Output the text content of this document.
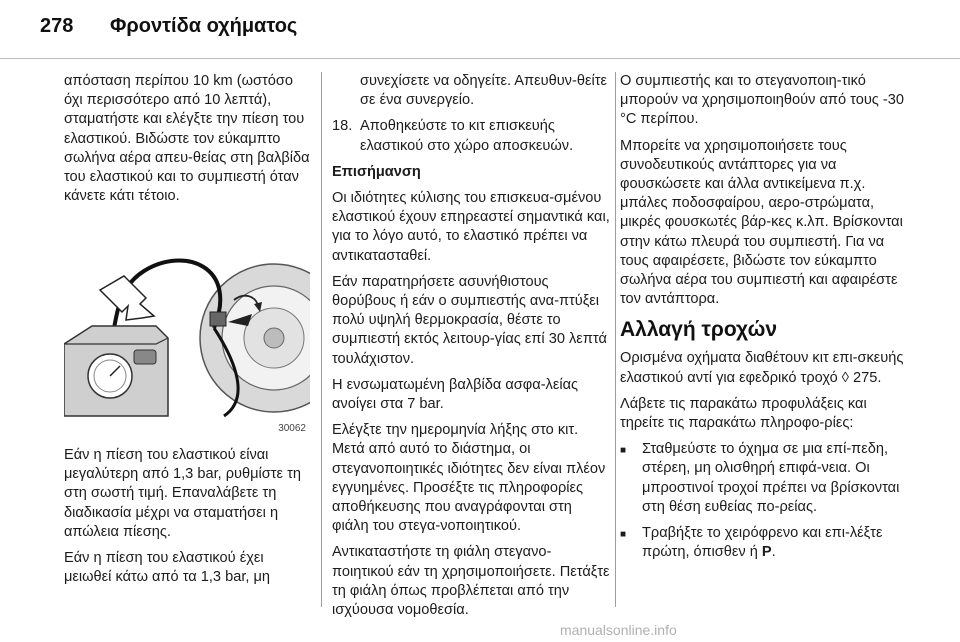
278 Φροντίδα οχήματος

απόσταση περίπου 10 km (ωστόσο όχι περισσότερο από 10 λεπτά), σταματήστε και ελέγξτε την πίεση του ελαστικού. Βιδώστε τον εύκαμπτο σωλήνα αέρα απευ-θείας στη βαλβίδα του ελαστικού και το συμπιεστή όταν κάνετε κάτι τέτοιο.

30062

Εάν η πίεση του ελαστικού είναι μεγαλύτερη από 1,3 bar, ρυθμίστε τη στη σωστή τιμή. Επαναλάβετε τη διαδικασία μέχρι να σταματήσει η απώλεια πίεσης.

Εάν η πίεση του ελαστικού έχει μειωθεί κάτω από τα 1,3 bar, μη

συνεχίσετε να οδηγείτε. Απευθυν-θείτε σε ένα συνεργείο.
18. Αποθηκεύστε το κιτ επισκευής ελαστικού στο χώρο αποσκευών.

Επισήμανση

Οι ιδιότητες κύλισης του επισκευα-σμένου ελαστικού έχουν επηρεαστεί σημαντικά και, για το λόγο αυτό, το ελαστικό πρέπει να αντικατασταθεί.

Εάν παρατηρήσετε ασυνήθιστους θορύβους ή εάν ο συμπιεστής ανα-πτύξει πολύ υψηλή θερμοκρασία, θέστε το συμπιεστή εκτός λειτουρ-γίας επί 30 λεπτά τουλάχιστον.

Η ενσωματωμένη βαλβίδα ασφα-λείας ανοίγει στα 7 bar.

Ελέγξτε την ημερομηνία λήξης στο κιτ. Μετά από αυτό το διάστημα, οι στεγανοποιητικές ιδιότητες δεν είναι πλέον εγγυημένες. Προσέξτε τις πληροφορίες αποθήκευσης που αναγράφονται στη φιάλη του στεγα-νοποιητικού.

Αντικαταστήστε τη φιάλη στεγανο-ποιητικού εάν τη χρησιμοποιήσετε. Πετάξτε τη φιάλη όπως προβλέπεται από την ισχύουσα νομοθεσία.

Ο συμπιεστής και το στεγανοποιη-τικό μπορούν να χρησιμοποιηθούν από τους -30 °C περίπου.

Μπορείτε να χρησιμοποιήσετε τους συνοδευτικούς αντάπτορες για να φουσκώσετε και άλλα αντικείμενα π.χ. μπάλες ποδοσφαίρου, αερο-στρώματα, μικρές φουσκωτές βάρ-κες κ.λπ. Βρίσκονται στην κάτω πλευρά του συμπιεστή. Για να τους αφαιρέσετε, βιδώστε τον εύκαμπτο σωλήνα αέρα του συμπιεστή και αφαιρέστε τον αντάπτορα.

Αλλαγή τροχών

Ορισμένα οχήματα διαθέτουν κιτ επι-σκευής ελαστικού αντί για εφεδρικό τροχό ◊ 275.

Λάβετε τις παρακάτω προφυλάξεις και τηρείτε τις παρακάτω πληροφο-ρίες:

■	Σταθμεύστε το όχημα σε μια επί-πεδη, στέρεη, μη ολισθηρή επιφά-νεια. Οι μπροστινοί τροχοί πρέπει να βρίσκονται στη θέση ευθείας πο-ρείας.
■	Τραβήξτε το χειρόφρενο και επι-λέξτε πρώτη, όπισθεν ή P.
manualsonline.info
